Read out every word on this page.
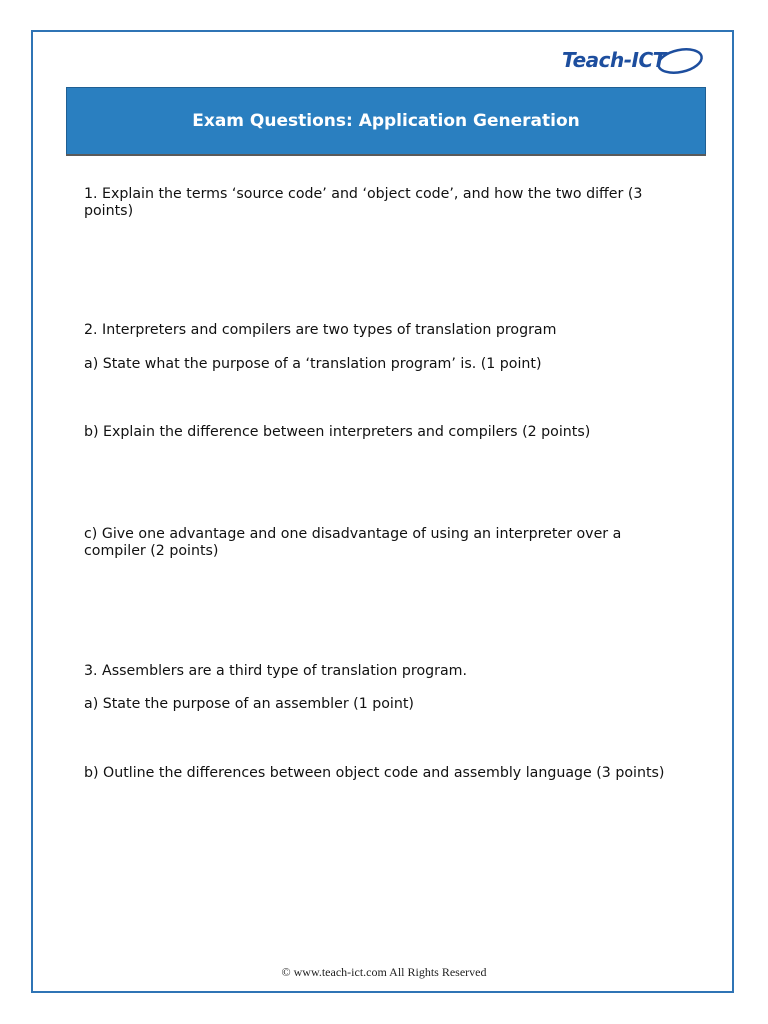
Teach-ICT
Exam Questions: Application Generation
1. Explain the terms ‘source code’ and ‘object code’, and how the two differ (3 points)
2. Interpreters and compilers are two types of translation program
a) State what the purpose of a ‘translation program’ is. (1 point)
b) Explain the difference between interpreters and compilers (2 points)
c) Give one advantage and one disadvantage of using an interpreter over a compiler (2 points)
3. Assemblers are a third type of translation program.
a) State the purpose of an assembler (1 point)
b) Outline the differences between object code and assembly language (3 points)
© www.teach-ict.com All Rights Reserved
